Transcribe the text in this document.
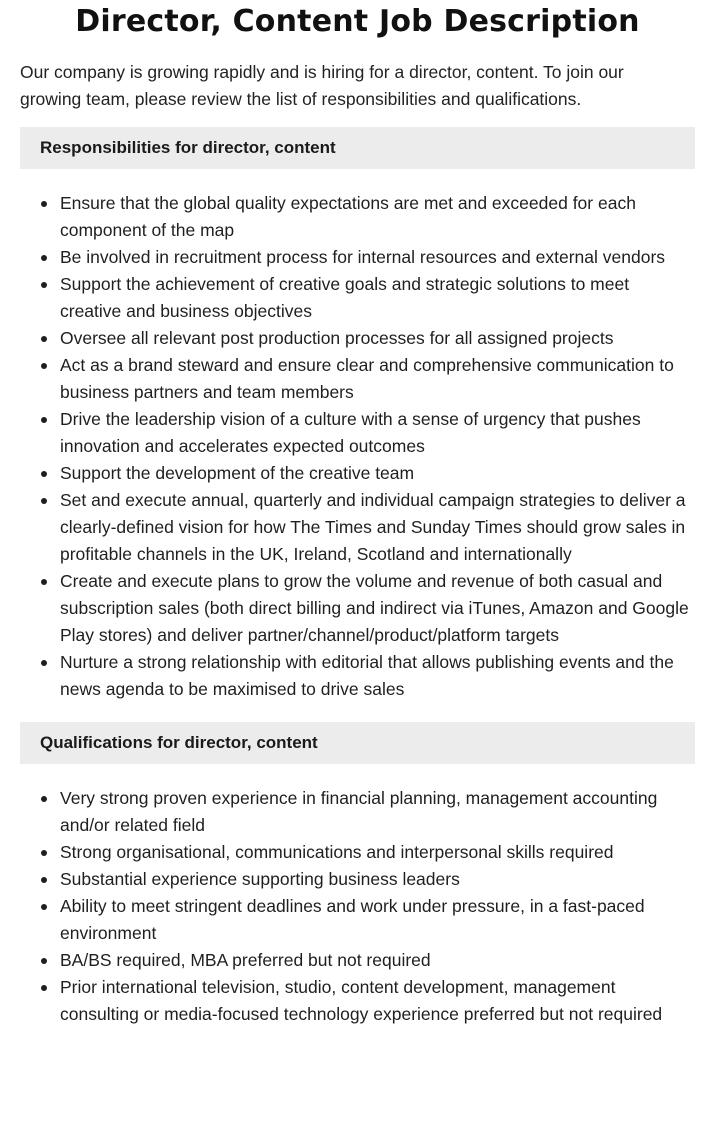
Director, Content Job Description

Our company is growing rapidly and is hiring for a director, content. To join our growing team, please review the list of responsibilities and qualifications.

Responsibilities for director, content
Ensure that the global quality expectations are met and exceeded for each component of the map
Be involved in recruitment process for internal resources and external vendors
Support the achievement of creative goals and strategic solutions to meet creative and business objectives
Oversee all relevant post production processes for all assigned projects
Act as a brand steward and ensure clear and comprehensive communication to business partners and team members
Drive the leadership vision of a culture with a sense of urgency that pushes innovation and accelerates expected outcomes
Support the development of the creative team
Set and execute annual, quarterly and individual campaign strategies to deliver a clearly-defined vision for how The Times and Sunday Times should grow sales in profitable channels in the UK, Ireland, Scotland and internationally
Create and execute plans to grow the volume and revenue of both casual and subscription sales (both direct billing and indirect via iTunes, Amazon and Google Play stores) and deliver partner/channel/product/platform targets
Nurture a strong relationship with editorial that allows publishing events and the news agenda to be maximised to drive sales
Qualifications for director, content
Very strong proven experience in financial planning, management accounting and/or related field
Strong organisational, communications and interpersonal skills required
Substantial experience supporting business leaders
Ability to meet stringent deadlines and work under pressure, in a fast-paced environment
BA/BS required, MBA preferred but not required
Prior international television, studio, content development, management consulting or media-focused technology experience preferred but not required
